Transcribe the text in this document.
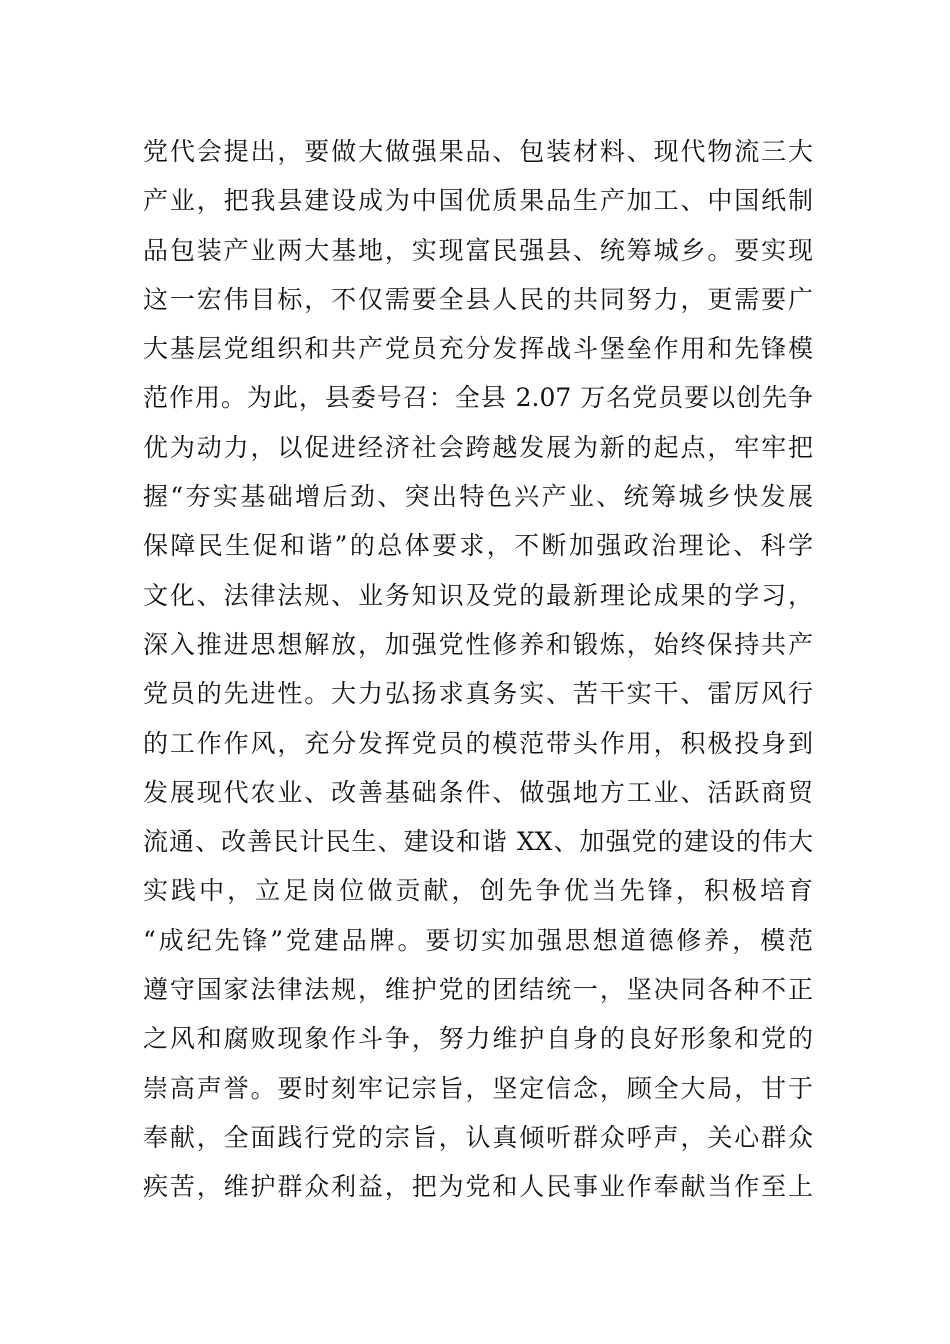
党代会提出，要做大做强果品、包装材料、现代物流三大
产业，把我县建设成为中国优质果品生产加工、中国纸制
品包装产业两大基地，实现富民强县、统筹城乡。要实现
这一宏伟目标，不仅需要全县人民的共同努力，更需要广
大基层党组织和共产党员充分发挥战斗堡垒作用和先锋模
范作用。为此，县委号召：全县 2.07 万名党员要以创先争
优为动力，以促进经济社会跨越发展为新的起点，牢牢把
握“夯实基础增后劲、突出特色兴产业、统筹城乡快发展
保障民生促和谐”的总体要求，不断加强政治理论、科学
文化、法律法规、业务知识及党的最新理论成果的学习，
深入推进思想解放，加强党性修养和锻炼，始终保持共产
党员的先进性。大力弘扬求真务实、苦干实干、雷厉风行
的工作作风，充分发挥党员的模范带头作用，积极投身到
发展现代农业、改善基础条件、做强地方工业、活跃商贸
流通、改善民计民生、建设和谐 XX、加强党的建设的伟大
实践中，立足岗位做贡献，创先争优当先锋，积极培育
“成纪先锋”党建品牌。要切实加强思想道德修养，模范
遵守国家法律法规，维护党的团结统一，坚决同各种不正
之风和腐败现象作斗争，努力维护自身的良好形象和党的
崇高声誉。要时刻牢记宗旨，坚定信念，顾全大局，甘于
奉献，全面践行党的宗旨，认真倾听群众呼声，关心群众
疾苦，维护群众利益，把为党和人民事业作奉献当作至上
